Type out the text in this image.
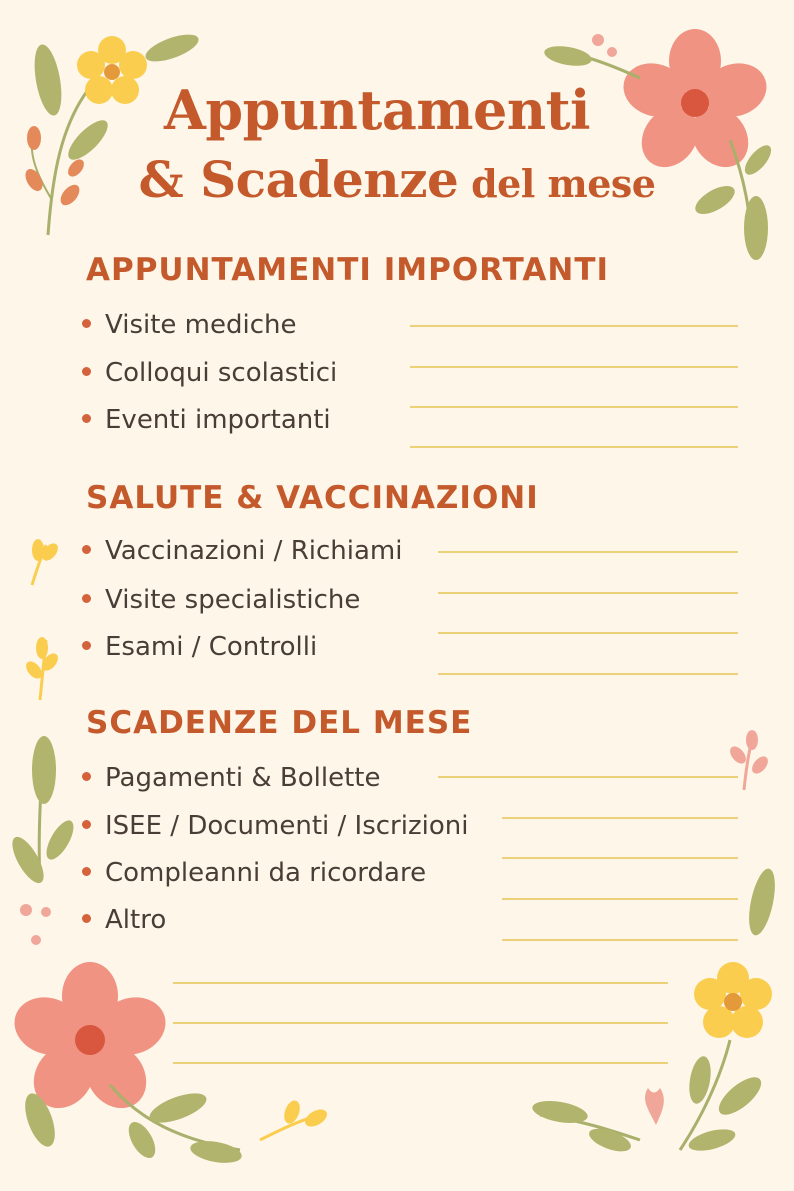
Appuntamenti
& Scadenze del mese
APPUNTAMENTI IMPORTANTI
Visite mediche
Colloqui scolastici
Eventi importanti
SALUTE & VACCINAZIONI
Vaccinazioni / Richiami
Visite specialistiche
Esami / Controlli
SCADENZE DEL MESE
Pagamenti & Bollette
ISEE / Documenti / Iscrizioni
Compleanni da ricordare
Altro
